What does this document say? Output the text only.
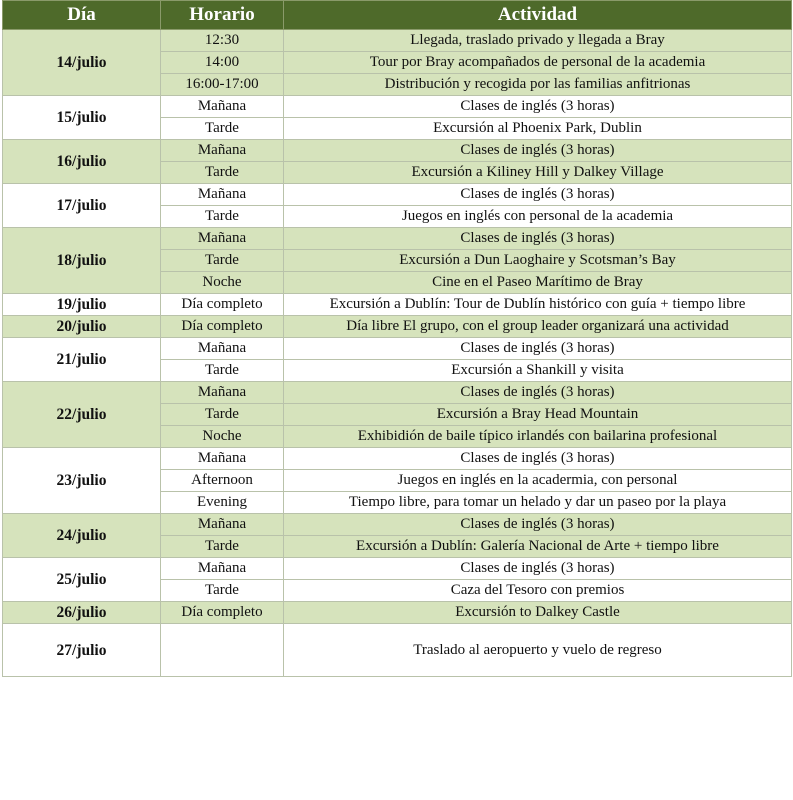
Día	Horario	Actividad
14/julio	12:30	Llegada, traslado privado y llegada a Bray
	14:00	Tour por Bray acompañados de personal de la academia
	16:00-17:00	Distribución y recogida por las familias anfitrionas
15/julio	Mañana	Clases de inglés (3 horas)
	Tarde	Excursión al Phoenix Park, Dublin
16/julio	Mañana	Clases de inglés (3 horas)
	Tarde	Excursión a Kiliney Hill y Dalkey Village
17/julio	Mañana	Clases de inglés (3 horas)
	Tarde	Juegos en inglés con personal de la academia
18/julio	Mañana	Clases de inglés (3 horas)
	Tarde	Excursión a Dun Laoghaire y Scotsman’s Bay
	Noche	Cine en el Paseo Marítimo de Bray
19/julio	Día completo	Excursión a Dublín: Tour de Dublín histórico con guía + tiempo libre
20/julio	Día completo	Día libre El grupo, con el group leader organizará una actividad
21/julio	Mañana	Clases de inglés (3 horas)
	Tarde	Excursión a Shankill y visita
22/julio	Mañana	Clases de inglés (3 horas)
	Tarde	Excursión a Bray Head Mountain
	Noche	Exhibidión de baile típico irlandés con bailarina profesional
23/julio	Mañana	Clases de inglés (3 horas)
	Afternoon	Juegos en inglés en la acadermia, con personal
	Evening	Tiempo libre, para tomar un helado y dar un paseo por la playa
24/julio	Mañana	Clases de inglés (3 horas)
	Tarde	Excursión a Dublín: Galería Nacional de Arte + tiempo libre
25/julio	Mañana	Clases de inglés (3 horas)
	Tarde	Caza del Tesoro con premios
26/julio	Día completo	Excursión to Dalkey Castle
27/julio		Traslado al aeropuerto y vuelo de regreso
